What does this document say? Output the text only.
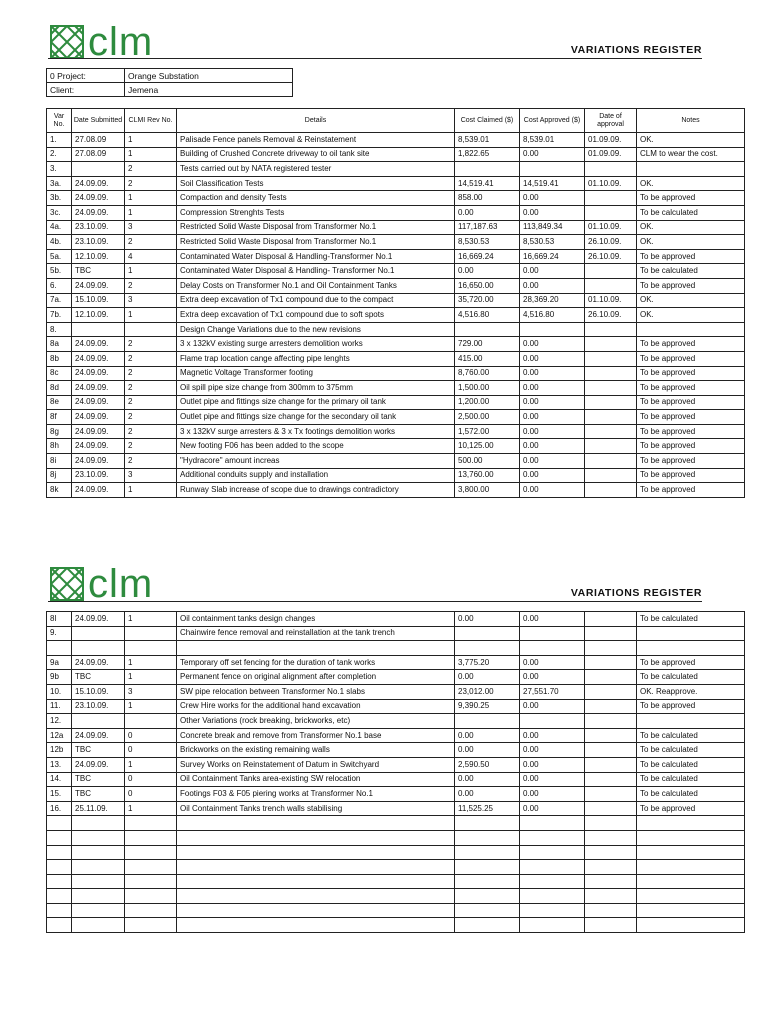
clm	VARIATIONS REGISTER
0 Project:	Orange Substation
Client:	Jemena
Var No.	Date Submitted	CLMI Rev No.	Details	Cost Claimed ($)	Cost Approved ($)	Date of approval	Notes
1.	27.08.09	1	Palisade Fence panels Removal & Reinstatement	8,539.01	8,539.01	01.09.09.	OK.
2.	27.08.09	1	Building of Crushed Concrete driveway to oil tank site	1,822.65	0.00	01.09.09.	CLM to wear the cost.
3.		2	Tests carried out by NATA registered tester				
3a.	24.09.09.	2	Soil Classification Tests	14,519.41	14,519.41	01.10.09.	OK.
3b.	24.09.09.	1	Compaction and density Tests	858.00	0.00		To be approved
3c.	24.09.09.	1	Compression Strenghts Tests	0.00	0.00		To be calculated
4a.	23.10.09.	3	Restricted Solid Waste Disposal from Transformer No.1	117,187.63	113,849.34	01.10.09.	OK.
4b.	23.10.09.	2	Restricted Solid Waste Disposal from Transformer No.1	8,530.53	8,530.53	26.10.09.	OK.
5a.	12.10.09.	4	Contaminated Water Disposal & Handling-Transformer No.1	16,669.24	16,669.24	26.10.09.	To be approved
5b.	TBC	1	Contaminated Water Disposal & Handling- Transformer No.1	0.00	0.00		To be calculated
6.	24.09.09.	2	Delay Costs on Transformer No.1 and Oil Containment Tanks	16,650.00	0.00		To be approved
7a.	15.10.09.	3	Extra deep excavation of Tx1 compound due to the compact	35,720.00	28,369.20	01.10.09.	OK.
7b.	12.10.09.	1	Extra deep excavation of Tx1 compound due to soft spots	4,516.80	4,516.80	26.10.09.	OK.
8.			Design Change Variations due to the new revisions				
8a	24.09.09.	2	3 x 132kV existing surge arresters demolition works	729.00	0.00		To be approved
8b	24.09.09.	2	Flame trap location cange affecting pipe lenghts	415.00	0.00		To be approved
8c	24.09.09.	2	Magnetic Voltage Transformer footing	8,760.00	0.00		To be approved
8d	24.09.09.	2	Oil spill pipe size change from 300mm to 375mm	1,500.00	0.00		To be approved
8e	24.09.09.	2	Outlet pipe and fittings size change for the primary oil tank	1,200.00	0.00		To be approved
8f	24.09.09.	2	Outlet pipe and fittings size change for the secondary oil tank	2,500.00	0.00		To be approved
8g	24.09.09.	2	3 x 132kV surge arresters & 3 x Tx footings demolition works	1,572.00	0.00		To be approved
8h	24.09.09.	2	New footing F06 has been added to the scope	10,125.00	0.00		To be approved
8i	24.09.09.	2	"Hydracore" amount increas	500.00	0.00		To be approved
8j	23.10.09.	3	Additional conduits supply and installation	13,760.00	0.00		To be approved
8k	24.09.09.	1	Runway Slab increase of scope due to drawings contradictory	3,800.00	0.00		To be approved
clm	VARIATIONS REGISTER
8l	24.09.09.	1	Oil containment tanks design changes	0.00	0.00		To be calculated
9.			Chainwire fence removal and reinstallation at the tank trench				

9a	24.09.09.	1	Temporary off set fencing for the duration of tank works	3,775.20	0.00		To be approved
9b	TBC	1	Permanent fence on original alignment after completion	0.00	0.00		To be calculated
10.	15.10.09.	3	SW pipe relocation between Transformer No.1 slabs	23,012.00	27,551.70		OK. Reapprove.
11.	23.10.09.	1	Crew Hire works for the additional hand excavation	9,390.25	0.00		To be approved
12.			Other Variations (rock breaking, brickworks, etc)				
12a	24.09.09.	0	Concrete break and remove from Transformer No.1 base	0.00	0.00		To be calculated
12b	TBC	0	Brickworks on the existing remaining walls	0.00	0.00		To be calculated
13.	24.09.09.	1	Survey Works on Reinstatement of Datum in Switchyard	2,590.50	0.00		To be calculated
14.	TBC	0	Oil Containment Tanks area-existing SW relocation	0.00	0.00		To be calculated
15.	TBC	0	Footings F03 & F05 piering works at Transformer No.1	0.00	0.00		To be calculated
16.	25.11.09.	1	Oil Containment Tanks trench walls stabilising	11,525.25	0.00		To be approved
